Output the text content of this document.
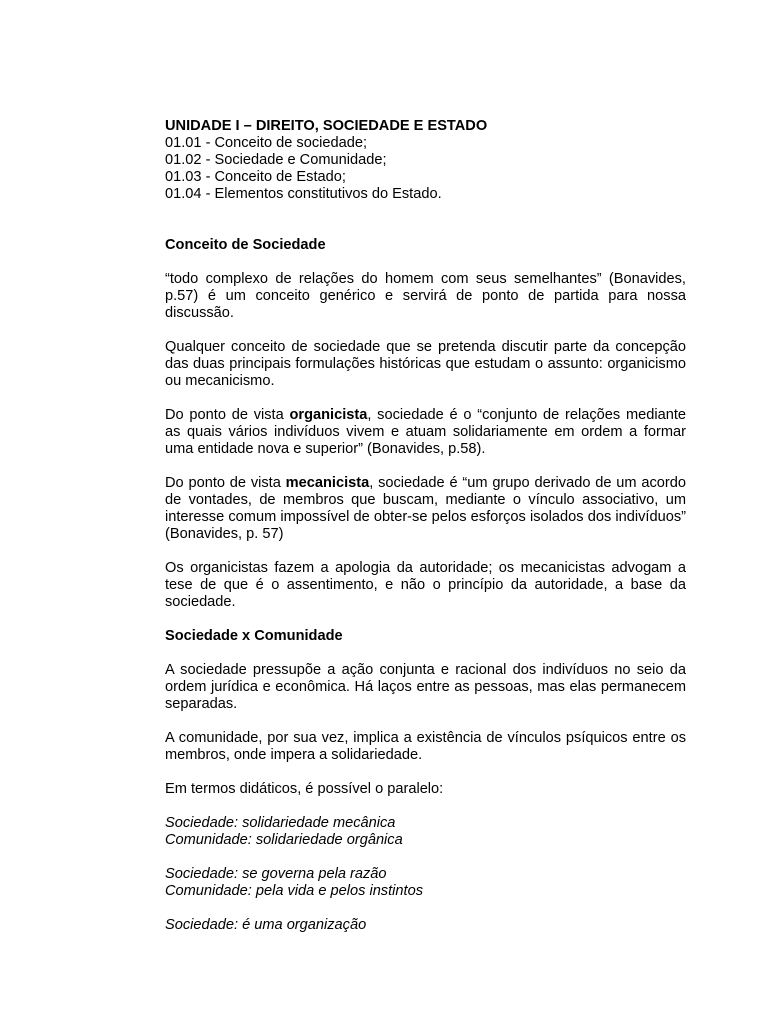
UNIDADE I – DIREITO, SOCIEDADE E ESTADO

01.01 - Conceito de sociedade;

01.02 - Sociedade e Comunidade;

01.03 - Conceito de Estado;

01.04 - Elementos constitutivos do Estado.

Conceito de Sociedade

“todo complexo de relações do homem com seus semelhantes” (Bonavides, p.57) é um conceito genérico e servirá de ponto de partida para nossa discussão.

Qualquer conceito de sociedade que se pretenda discutir parte da concepção das duas principais formulações históricas que estudam o assunto: organicismo ou mecanicismo.

Do ponto de vista organicista, sociedade é o “conjunto de relações mediante as quais vários indivíduos vivem e atuam solidariamente em ordem a formar uma entidade nova e superior” (Bonavides, p.58).

Do ponto de vista mecanicista, sociedade é “um grupo derivado de um acordo de vontades, de membros que buscam, mediante o vínculo associativo, um interesse comum impossível de obter-se pelos esforços isolados dos indivíduos” (Bonavides, p. 57)

Os organicistas fazem a apologia da autoridade; os mecanicistas advogam a tese de que é o assentimento, e não o princípio da autoridade, a base da sociedade.

Sociedade x Comunidade

A sociedade pressupõe a ação conjunta e racional dos indivíduos no seio da ordem jurídica e econômica. Há laços entre as pessoas, mas elas permanecem separadas.

A comunidade, por sua vez, implica a existência de vínculos psíquicos entre os membros, onde impera a solidariedade.

Em termos didáticos, é possível o paralelo:

Sociedade: solidariedade mecânica

Comunidade: solidariedade orgânica

Sociedade: se governa pela razão

Comunidade: pela vida e pelos instintos

Sociedade: é uma organização
